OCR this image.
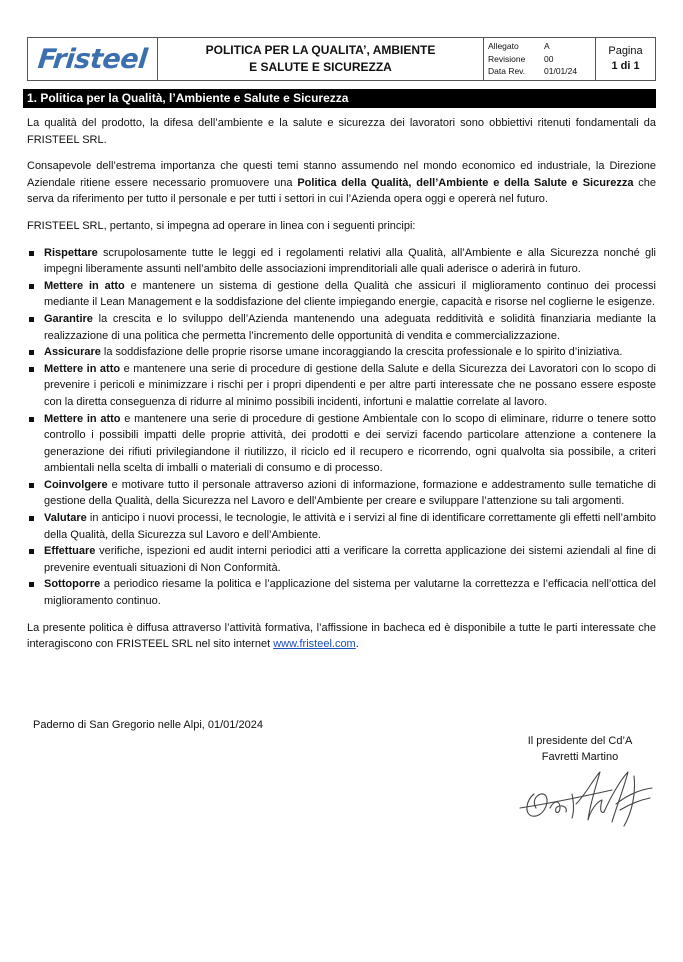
Fristeel	POLITICA PER LA QUALITA’, AMBIENTE
E SALUTE E SICUREZZA
Allegato	A
Revisione	00
Data Rev.	01/01/24
Pagina
1 di 1
1. Politica per la Qualità, l’Ambiente e Salute e Sicurezza

La qualità del prodotto, la difesa dell’ambiente e la salute e sicurezza dei lavoratori sono obbiettivi ritenuti fondamentali da FRISTEEL SRL.

Consapevole dell’estrema importanza che questi temi stanno assumendo nel mondo economico ed industriale, la Direzione Aziendale ritiene essere necessario promuovere una Politica della Qualità, dell’Ambiente e della Salute e Sicurezza che serva da riferimento per tutto il personale e per tutti i settori in cui l’Azienda opera oggi e opererà nel futuro.

FRISTEEL SRL, pertanto, si impegna ad operare in linea con i seguenti principi:

Rispettare scrupolosamente tutte le leggi ed i regolamenti relativi alla Qualità, all’Ambiente e alla Sicurezza nonché gli impegni liberamente assunti nell’ambito delle associazioni imprenditoriali alle quali aderisce o aderirà in futuro.
Mettere in atto e mantenere un sistema di gestione della Qualità che assicuri il miglioramento continuo dei processi mediante il Lean Management e la soddisfazione del cliente impiegando energie, capacità e risorse nel coglierne le esigenze.
Garantire la crescita e lo sviluppo dell’Azienda mantenendo una adeguata redditività e solidità finanziaria mediante la realizzazione di una politica che permetta l’incremento delle opportunità di vendita e commercializzazione.
Assicurare la soddisfazione delle proprie risorse umane incoraggiando la crescita professionale e lo spirito d’iniziativa.
Mettere in atto e mantenere una serie di procedure di gestione della Salute e della Sicurezza dei Lavoratori con lo scopo di prevenire i pericoli e minimizzare i rischi per i propri dipendenti e per altre parti interessate che ne possano essere esposte con la diretta conseguenza di ridurre al minimo possibili incidenti, infortuni e malattie correlate al lavoro.
Mettere in atto e mantenere una serie di procedure di gestione Ambientale con lo scopo di eliminare, ridurre o tenere sotto controllo i possibili impatti delle proprie attività, dei prodotti e dei servizi facendo particolare attenzione a contenere la generazione dei rifiuti privilegiandone il riutilizzo, il riciclo ed il recupero e ricorrendo, ogni qualvolta sia possibile, a criteri ambientali nella scelta di imballi o materiali di consumo e di processo.
Coinvolgere e motivare tutto il personale attraverso azioni di informazione, formazione e addestramento sulle tematiche di gestione della Qualità, della Sicurezza nel Lavoro e dell’Ambiente per creare e sviluppare l’attenzione su tali argomenti.
Valutare in anticipo i nuovi processi, le tecnologie, le attività e i servizi al fine di identificare correttamente gli effetti nell’ambito della Qualità, della Sicurezza sul Lavoro e dell’Ambiente.
Effettuare verifiche, ispezioni ed audit interni periodici atti a verificare la corretta applicazione dei sistemi aziendali al fine di prevenire eventuali situazioni di Non Conformità.
Sottoporre a periodico riesame la politica e l’applicazione del sistema per valutarne la correttezza e l’efficacia nell’ottica del miglioramento continuo.

La presente politica è diffusa attraverso l’attività formativa, l’affissione in bacheca ed è disponibile a tutte le parti interessate che interagiscono con FRISTEEL SRL nel sito internet www.fristeel.com.

Paderno di San Gregorio nelle Alpi, 01/01/2024
Il presidente del Cd’A
Favretti Martino
